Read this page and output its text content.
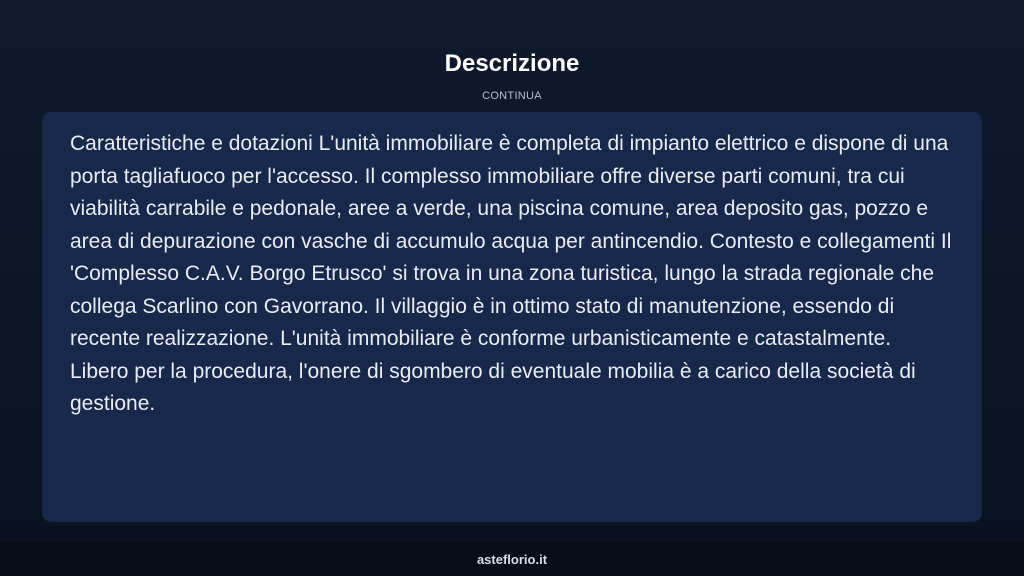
Descrizione
CONTINUA

Caratteristiche e dotazioni L'unità immobiliare è completa di impianto elettrico e dispone di una porta tagliafuoco per l'accesso. Il complesso immobiliare offre diverse parti comuni, tra cui viabilità carrabile e pedonale, aree a verde, una piscina comune, area deposito gas, pozzo e area di depurazione con vasche di accumulo acqua per antincendio. Contesto e collegamenti Il 'Complesso C.A.V. Borgo Etrusco' si trova in una zona turistica, lungo la strada regionale che collega Scarlino con Gavorrano. Il villaggio è in ottimo stato di manutenzione, essendo di recente realizzazione. L'unità immobiliare è conforme urbanisticamente e catastalmente. Libero per la procedura, l'onere di sgombero di eventuale mobilia è a carico della società di gestione.

asteflorio.it
